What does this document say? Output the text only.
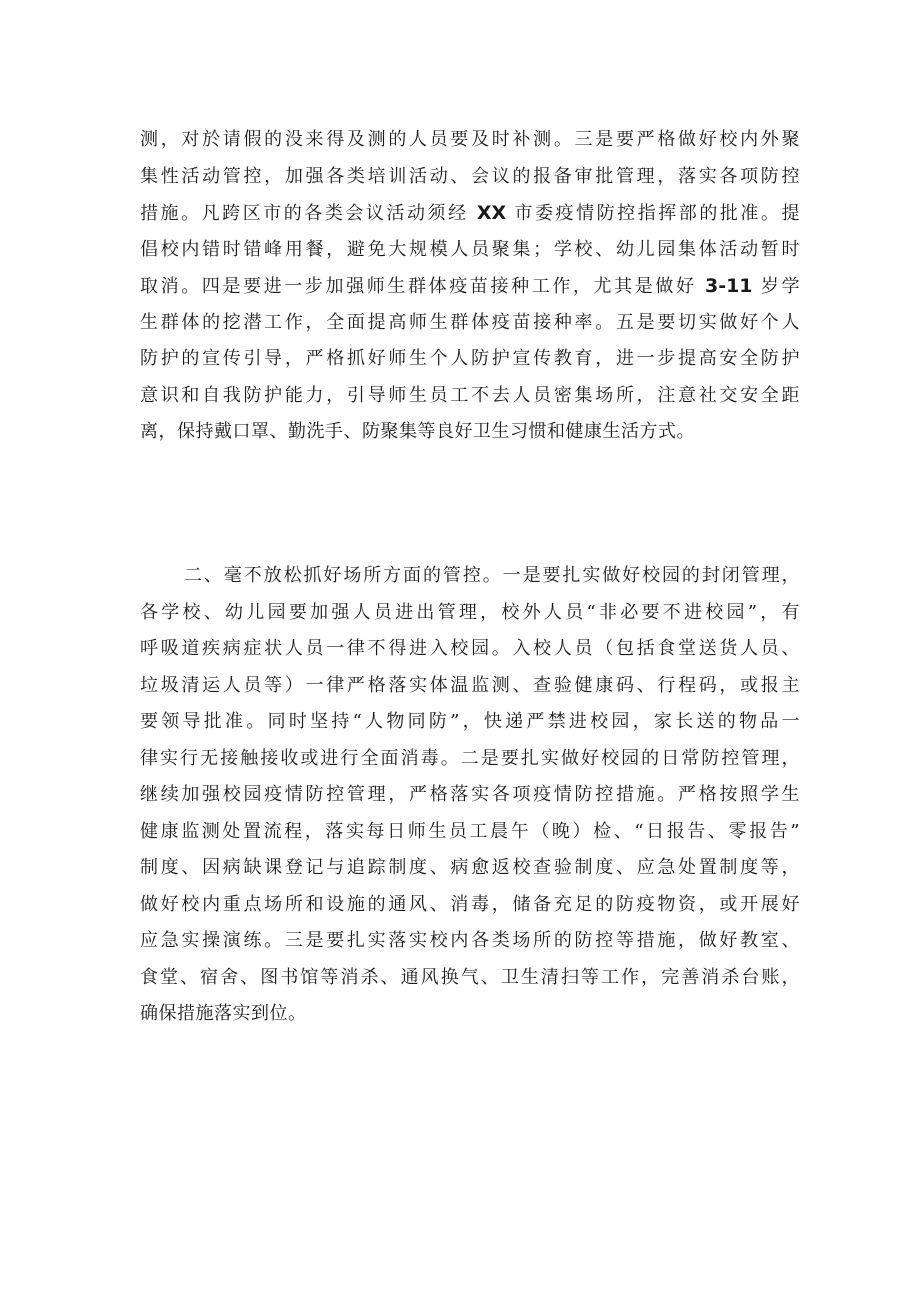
测，对於请假的没来得及测的人员要及时补测。三是要严格做好校内外聚
集性活动管控，加强各类培训活动、会议的报备审批管理，落实各项防控
措施。凡跨区市的各类会议活动须经 XX 市委疫情防控指挥部的批准。提
倡校内错时错峰用餐，避免大规模人员聚集；学校、幼儿园集体活动暂时
取消。四是要进一步加强师生群体疫苗接种工作，尤其是做好 3-11 岁学
生群体的挖潜工作，全面提高师生群体疫苗接种率。五是要切实做好个人
防护的宣传引导，严格抓好师生个人防护宣传教育，进一步提高安全防护
意识和自我防护能力，引导师生员工不去人员密集场所，注意社交安全距
离，保持戴口罩、勤洗手、防聚集等良好卫生习惯和健康生活方式。
二、毫不放松抓好场所方面的管控。一是要扎实做好校园的封闭管理，
各学校、幼儿园要加强人员进出管理，校外人员“非必要不进校园”，有
呼吸道疾病症状人员一律不得进入校园。入校人员（包括食堂送货人员、
垃圾清运人员等）一律严格落实体温监测、查验健康码、行程码，或报主
要领导批准。同时坚持“人物同防”，快递严禁进校园，家长送的物品一
律实行无接触接收或进行全面消毒。二是要扎实做好校园的日常防控管理，
继续加强校园疫情防控管理，严格落实各项疫情防控措施。严格按照学生
健康监测处置流程，落实每日师生员工晨午（晚）检、“日报告、零报告”
制度、因病缺课登记与追踪制度、病愈返校查验制度、应急处置制度等，
做好校内重点场所和设施的通风、消毒，储备充足的防疫物资，或开展好
应急实操演练。三是要扎实落实校内各类场所的防控等措施，做好教室、
食堂、宿舍、图书馆等消杀、通风换气、卫生清扫等工作，完善消杀台账，
确保措施落实到位。
